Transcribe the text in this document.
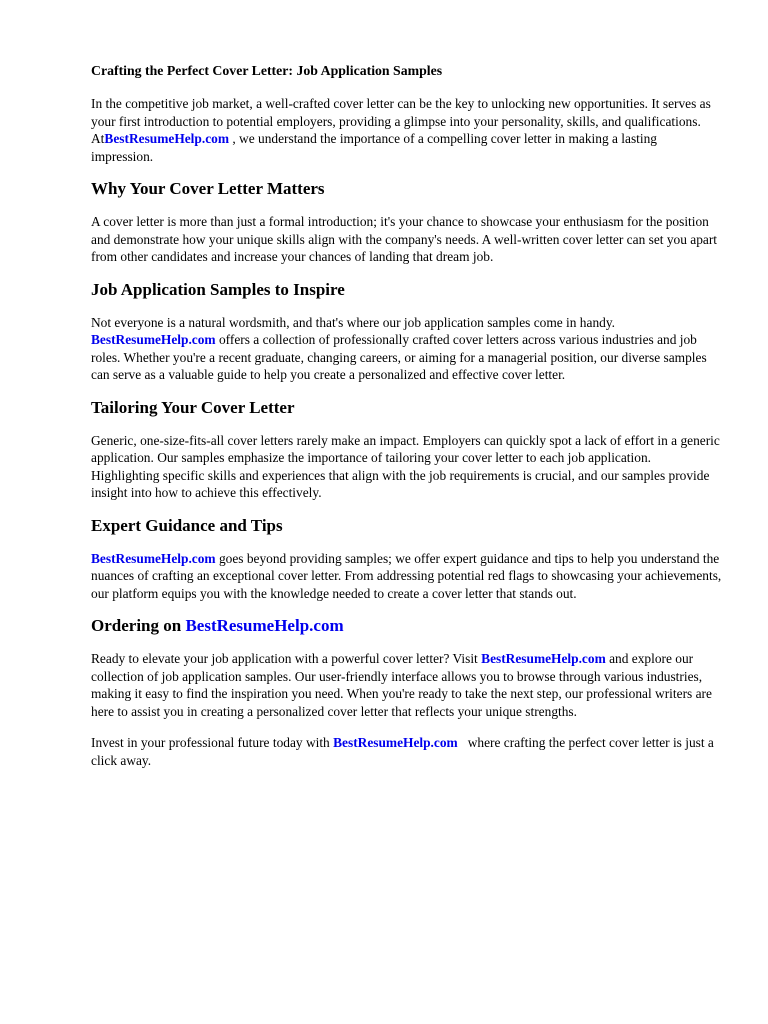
Crafting the Perfect Cover Letter: Job Application Samples

In the competitive job market, a well-crafted cover letter can be the key to unlocking new opportunities. It serves as your first introduction to potential employers, providing a glimpse into your personality, skills, and qualifications. AtBestResumeHelp.com , we understand the importance of a compelling cover letter in making a lasting impression.

Why Your Cover Letter Matters

A cover letter is more than just a formal introduction; it's your chance to showcase your enthusiasm for the position and demonstrate how your unique skills align with the company's needs. A well-written cover letter can set you apart from other candidates and increase your chances of landing that dream job.

Job Application Samples to Inspire

Not everyone is a natural wordsmith, and that's where our job application samples come in handy. BestResumeHelp.com offers a collection of professionally crafted cover letters across various industries and job roles. Whether you're a recent graduate, changing careers, or aiming for a managerial position, our diverse samples can serve as a valuable guide to help you create a personalized and effective cover letter.

Tailoring Your Cover Letter

Generic, one-size-fits-all cover letters rarely make an impact. Employers can quickly spot a lack of effort in a generic application. Our samples emphasize the importance of tailoring your cover letter to each job application. Highlighting specific skills and experiences that align with the job requirements is crucial, and our samples provide insight into how to achieve this effectively.

Expert Guidance and Tips

BestResumeHelp.com goes beyond providing samples; we offer expert guidance and tips to help you understand the nuances of crafting an exceptional cover letter. From addressing potential red flags to showcasing your achievements, our platform equips you with the knowledge needed to create a cover letter that stands out.

Ordering on BestResumeHelp.com

Ready to elevate your job application with a powerful cover letter? Visit BestResumeHelp.com and explore our collection of job application samples. Our user-friendly interface allows you to browse through various industries, making it easy to find the inspiration you need. When you're ready to take the next step, our professional writers are here to assist you in creating a personalized cover letter that reflects your unique strengths.

Invest in your professional future today with BestResumeHelp.com   where crafting the perfect cover letter is just a click away.
